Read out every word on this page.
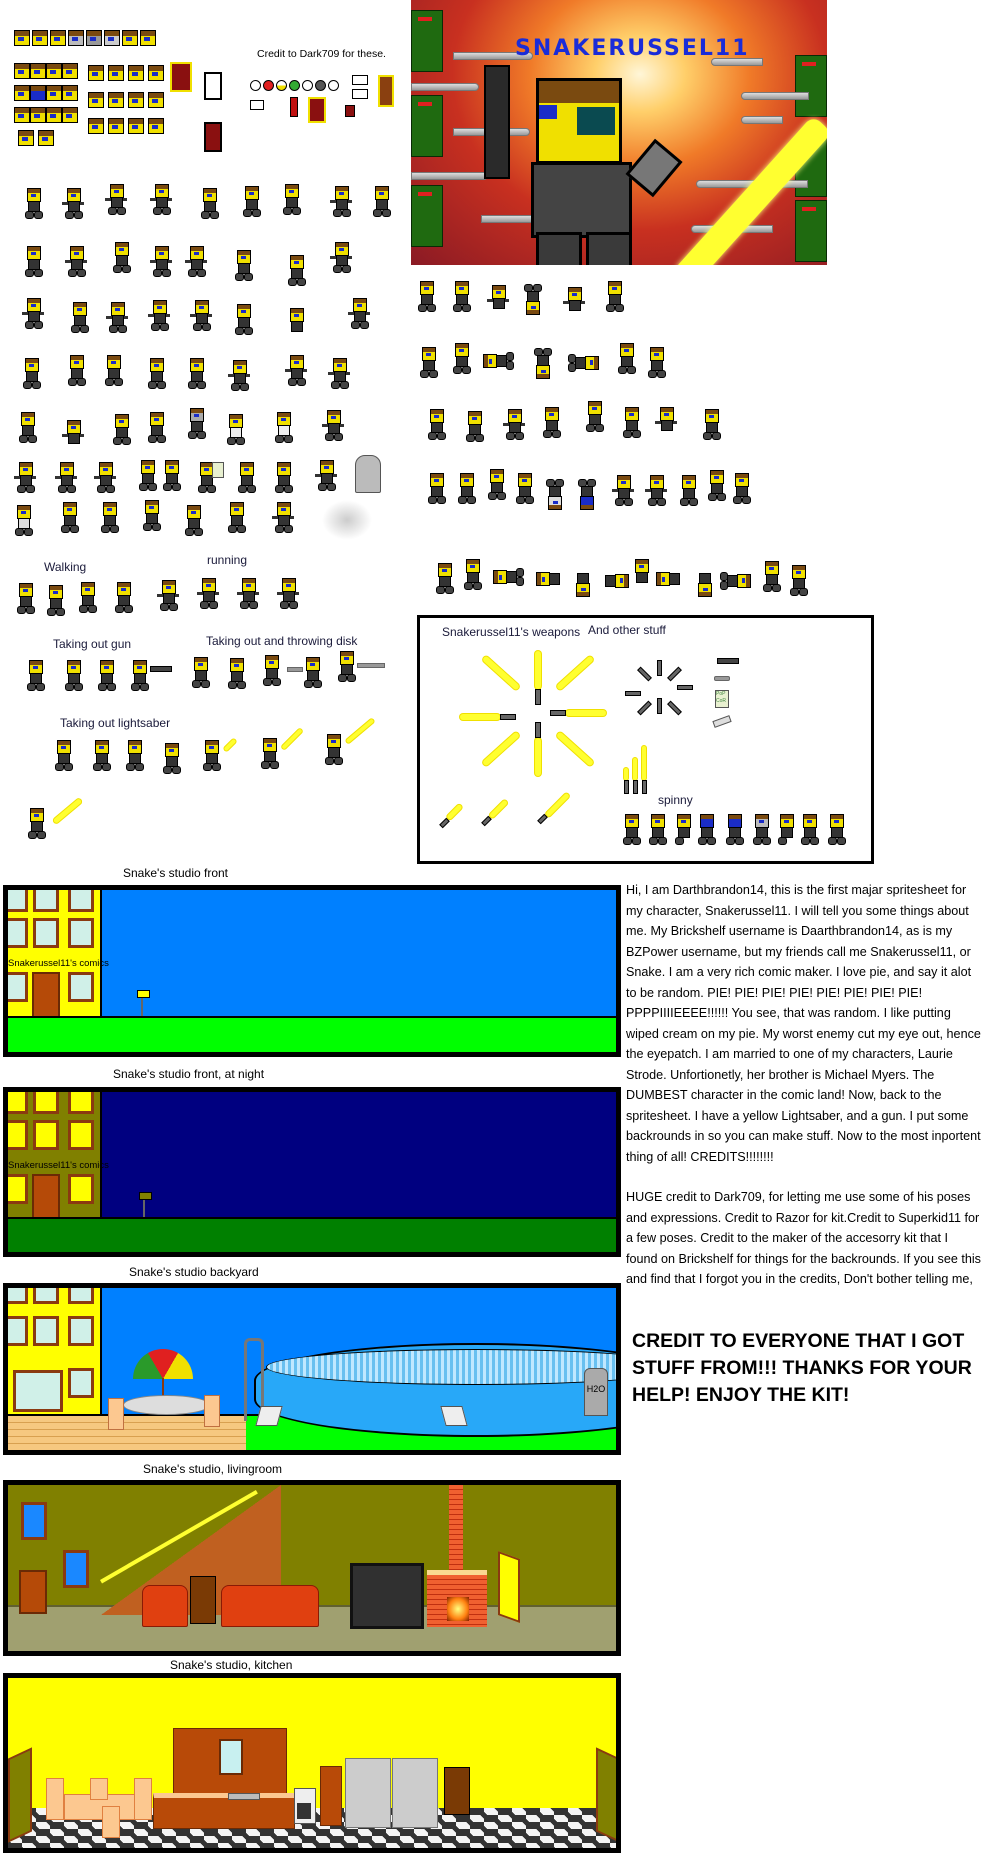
Credit to Dark709 for these.	SNAKERUSSEL11
Walking	running
Taking out gun	Taking out and throwing disk
Taking out lightsaber
Snakerussel11's weapons And other stuff
PoP CoR
spinny
Snake's studio front
Snakerussel11's comics
Snake's studio front, at night
Snakerussel11's comics
Snake's studio backyard
H2O
Snake's studio, livingroom
Snake's studio, kitchen
Hi, I am Darthbrandon14, this is the first majar spritesheet for my character, Snakerussel11. I will tell you some things about me. My Brickshelf username is Daarthbrandon14, as is my BZPower username, but my friends call me Snakerussel11, or Snake. I am a very rich comic maker. I love pie, and say it alot to be random. PIE! PIE! PIE! PIE! PIE! PIE! PIE! PIE! PPPPIIIIEEEE!!!!!! You see, that was random. I like putting wiped cream on my pie. My worst enemy cut my eye out, hence the eyepatch. I am married to one of my characters, Laurie Strode. Unfortionetly, her brother is Michael Myers. The DUMBEST character in the comic land! Now, back to the spritesheet. I have a yellow Lightsaber, and a gun. I put some backrounds in so you can make stuff. Now to the most inportent thing of all! CREDITS!!!!!!!!
HUGE credit to Dark709, for letting me use some of his poses and expressions. Credit to Razor for kit.Credit to Superkid11 for a few poses. Credit to the maker of the accesorry kit that I found on Brickshelf for things for the backrounds. If you see this and find that I forgot you in the credits, Don't bother telling me,
CREDIT TO EVERYONE THAT I GOT STUFF FROM!!! THANKS FOR YOUR HELP! ENJOY THE KIT!
